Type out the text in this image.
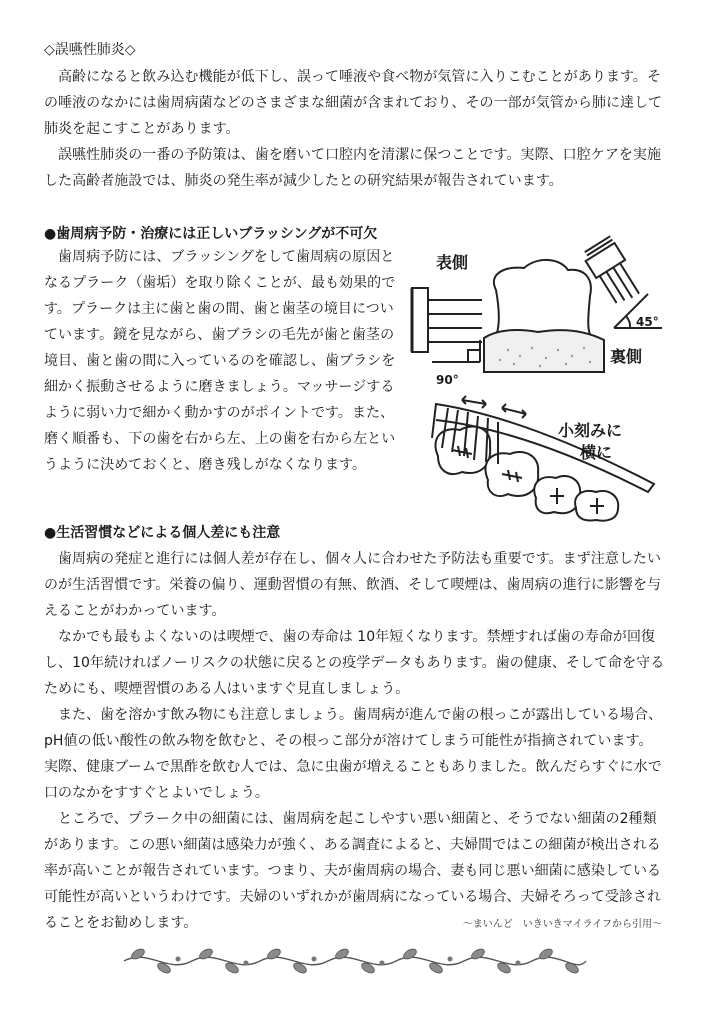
◇誤嚥性肺炎◇

高齢になると飲み込む機能が低下し、誤って唾液や食べ物が気管に入りこむことがあります。その唾液のなかには歯周病菌などのさまざまな細菌が含まれており、その一部が気管から肺に達して肺炎を起こすことがあります。

誤嚥性肺炎の一番の予防策は、歯を磨いて口腔内を清潔に保つことです。実際、口腔ケアを実施した高齢者施設では、肺炎の発生率が減少したとの研究結果が報告されています。

●歯周病予防・治療には正しいブラッシングが不可欠

歯周病予防には、ブラッシングをして歯周病の原因となるプラーク（歯垢）を取り除くことが、最も効果的です。プラークは主に歯と歯の間、歯と歯茎の境目についています。鏡を見ながら、歯ブラシの毛先が歯と歯茎の境目、歯と歯の間に入っているのを確認し、歯ブラシを細かく振動させるように磨きましょう。マッサージするように弱い力で細かく動かすのがポイントです。また、磨く順番も、下の歯を右から左、上の歯を右から左というように決めておくと、磨き残しがなくなります。

表側
裏側
45°
90°
小刻みに
横に
●生活習慣などによる個人差にも注意

歯周病の発症と進行には個人差が存在し、個々人に合わせた予防法も重要です。まず注意したいのが生活習慣です。栄養の偏り、運動習慣の有無、飲酒、そして喫煙は、歯周病の進行に影響を与えることがわかっています。

なかでも最もよくないのは喫煙で、歯の寿命は 10年短くなります。禁煙すれば歯の寿命が回復し、10年続ければノーリスクの状態に戻るとの疫学データもあります。歯の健康、そして命を守るためにも、喫煙習慣のある人はいますぐ見直しましょう。

また、歯を溶かす飲み物にも注意しましょう。歯周病が進んで歯の根っこが露出している場合、pH値の低い酸性の飲み物を飲むと、その根っこ部分が溶けてしまう可能性が指摘されています。実際、健康ブームで黒酢を飲む人では、急に虫歯が増えることもありました。飲んだらすぐに水で口のなかをすすぐとよいでしょう。

ところで、プラーク中の細菌には、歯周病を起こしやすい悪い細菌と、そうでない細菌の2種類があります。この悪い細菌は感染力が強く、ある調査によると、夫婦間ではこの細菌が検出される率が高いことが報告されています。つまり、夫が歯周病の場合、妻も同じ悪い細菌に感染している可能性が高いというわけです。夫婦のいずれかが歯周病になっている場合、夫婦そろって受診されることをお勧めします。	～まいんど　いきいきマイライフから引用～
